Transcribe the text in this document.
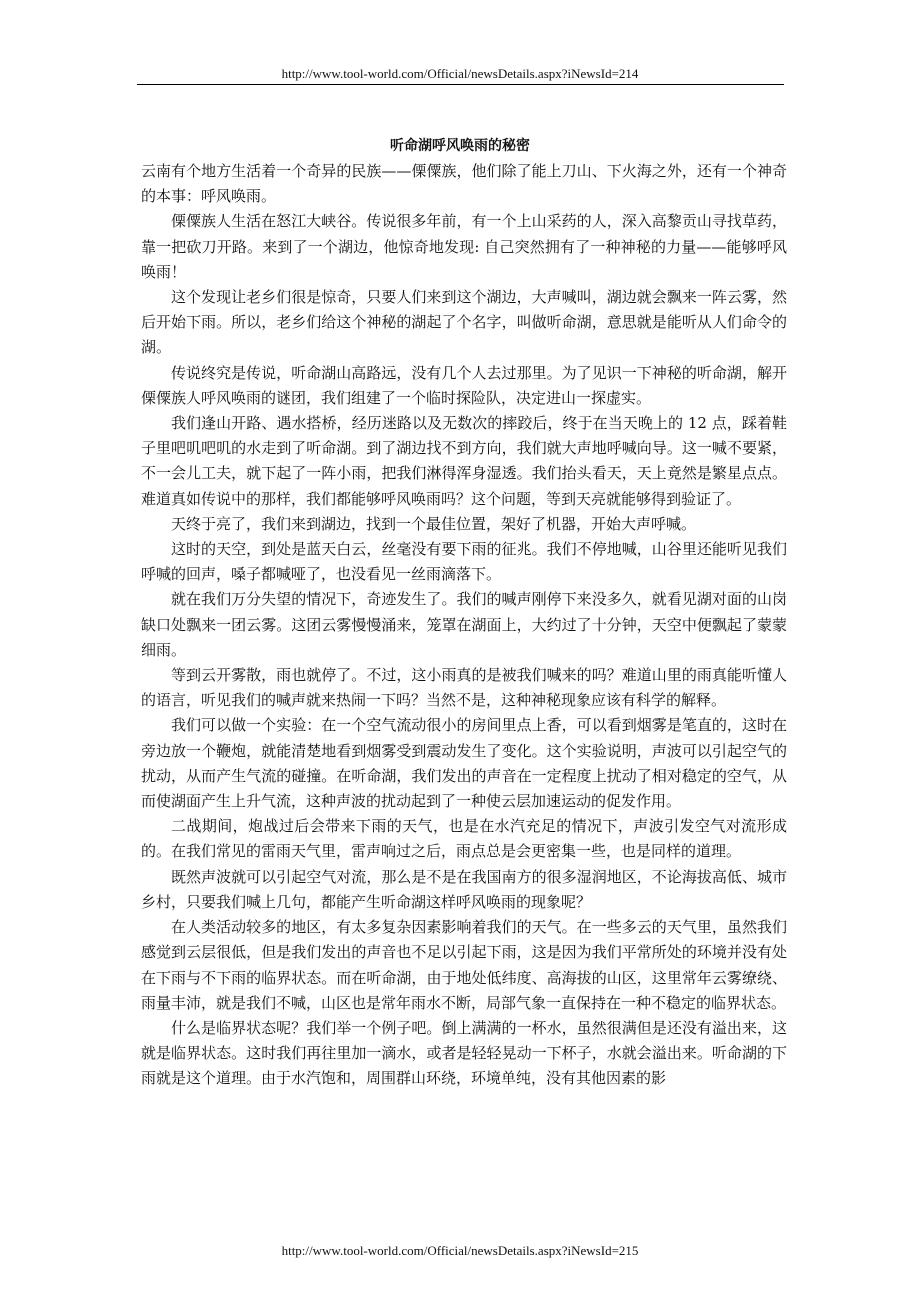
http://www.tool-world.com/Official/newsDetails.aspx?iNewsId=214
听命湖呼风唤雨的秘密

云南有个地方生活着一个奇异的民族——傈僳族，他们除了能上刀山、下火海之外，还有一个神奇的本事：呼风唤雨。

傈僳族人生活在怒江大峡谷。传说很多年前，有一个上山采药的人，深入高黎贡山寻找草药，靠一把砍刀开路。来到了一个湖边，他惊奇地发现: 自己突然拥有了一种神秘的力量——能够呼风唤雨！

这个发现让老乡们很是惊奇，只要人们来到这个湖边，大声喊叫，湖边就会飘来一阵云雾，然后开始下雨。所以，老乡们给这个神秘的湖起了个名字，叫做听命湖，意思就是能听从人们命令的湖。

传说终究是传说，听命湖山高路远，没有几个人去过那里。为了见识一下神秘的听命湖，解开傈僳族人呼风唤雨的谜团，我们组建了一个临时探险队，决定进山一探虚实。

我们逢山开路、遇水搭桥，经历迷路以及无数次的摔跤后，终于在当天晚上的 12 点，踩着鞋子里吧叽吧叽的水走到了听命湖。到了湖边找不到方向，我们就大声地呼喊向导。这一喊不要紧，不一会儿工夫，就下起了一阵小雨，把我们淋得浑身湿透。我们抬头看天，天上竟然是繁星点点。难道真如传说中的那样，我们都能够呼风唤雨吗？这个问题，等到天亮就能够得到验证了。

天终于亮了，我们来到湖边，找到一个最佳位置，架好了机器，开始大声呼喊。

这时的天空，到处是蓝天白云，丝毫没有要下雨的征兆。我们不停地喊，山谷里还能听见我们呼喊的回声，嗓子都喊哑了，也没看见一丝雨滴落下。

就在我们万分失望的情况下，奇迹发生了。我们的喊声刚停下来没多久，就看见湖对面的山岗缺口处飘来一团云雾。这团云雾慢慢涌来，笼罩在湖面上，大约过了十分钟，天空中便飘起了蒙蒙细雨。

等到云开雾散，雨也就停了。不过，这小雨真的是被我们喊来的吗？难道山里的雨真能听懂人的语言，听见我们的喊声就来热闹一下吗？当然不是，这种神秘现象应该有科学的解释。

我们可以做一个实验：在一个空气流动很小的房间里点上香，可以看到烟雾是笔直的，这时在旁边放一个鞭炮，就能清楚地看到烟雾受到震动发生了变化。这个实验说明，声波可以引起空气的扰动，从而产生气流的碰撞。在听命湖，我们发出的声音在一定程度上扰动了相对稳定的空气，从而使湖面产生上升气流，这种声波的扰动起到了一种使云层加速运动的促发作用。

二战期间，炮战过后会带来下雨的天气，也是在水汽充足的情况下，声波引发空气对流形成的。在我们常见的雷雨天气里，雷声响过之后，雨点总是会更密集一些，也是同样的道理。

既然声波就可以引起空气对流，那么是不是在我国南方的很多湿润地区，不论海拔高低、城市乡村，只要我们喊上几句，都能产生听命湖这样呼风唤雨的现象呢？

在人类活动较多的地区，有太多复杂因素影响着我们的天气。在一些多云的天气里，虽然我们感觉到云层很低，但是我们发出的声音也不足以引起下雨，这是因为我们平常所处的环境并没有处在下雨与不下雨的临界状态。而在听命湖，由于地处低纬度、高海拔的山区，这里常年云雾缭绕、雨量丰沛，就是我们不喊，山区也是常年雨水不断，局部气象一直保持在一种不稳定的临界状态。

什么是临界状态呢？我们举一个例子吧。倒上满满的一杯水，虽然很满但是还没有溢出来，这就是临界状态。这时我们再往里加一滴水，或者是轻轻晃动一下杯子，水就会溢出来。听命湖的下雨就是这个道理。由于水汽饱和，周围群山环绕，环境单纯，没有其他因素的影

http://www.tool-world.com/Official/newsDetails.aspx?iNewsId=215
